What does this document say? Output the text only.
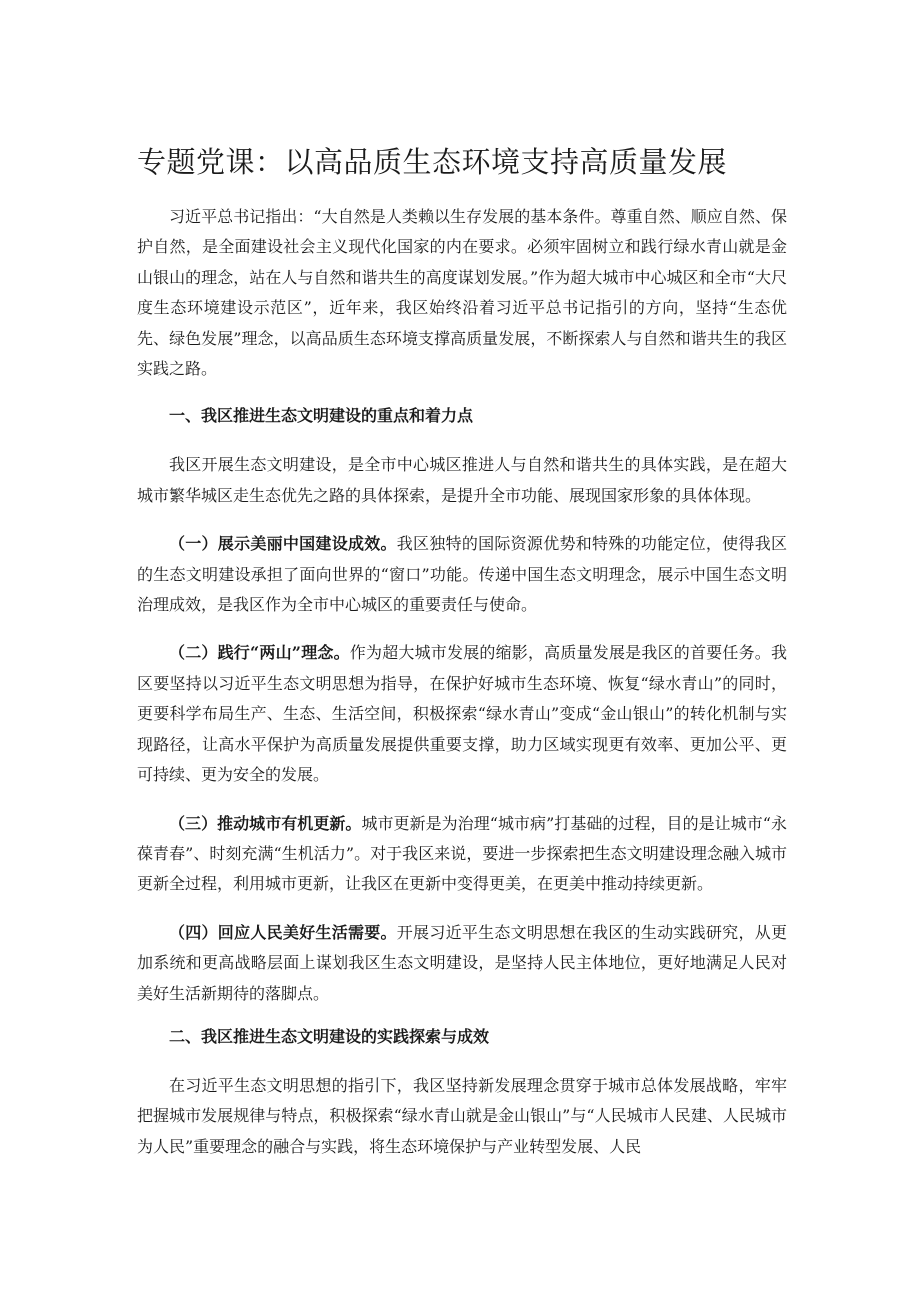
专题党课：以高品质生态环境支持高质量发展

习近平总书记指出：“大自然是人类赖以生存发展的基本条件。尊重自然、顺应自然、保护自然，是全面建设社会主义现代化国家的内在要求。必须牢固树立和践行绿水青山就是金山银山的理念，站在人与自然和谐共生的高度谋划发展。”作为超大城市中心城区和全市“大尺度生态环境建设示范区”，近年来，我区始终沿着习近平总书记指引的方向，坚持“生态优先、绿色发展”理念，以高品质生态环境支撑高质量发展，不断探索人与自然和谐共生的我区实践之路。

一、我区推进生态文明建设的重点和着力点

我区开展生态文明建设，是全市中心城区推进人与自然和谐共生的具体实践，是在超大城市繁华城区走生态优先之路的具体探索，是提升全市功能、展现国家形象的具体体现。

（一）展示美丽中国建设成效。我区独特的国际资源优势和特殊的功能定位，使得我区的生态文明建设承担了面向世界的“窗口”功能。传递中国生态文明理念，展示中国生态文明治理成效，是我区作为全市中心城区的重要责任与使命。

（二）践行“两山”理念。作为超大城市发展的缩影，高质量发展是我区的首要任务。我区要坚持以习近平生态文明思想为指导，在保护好城市生态环境、恢复“绿水青山”的同时，更要科学布局生产、生态、生活空间，积极探索“绿水青山”变成“金山银山”的转化机制与实现路径，让高水平保护为高质量发展提供重要支撑，助力区域实现更有效率、更加公平、更可持续、更为安全的发展。

（三）推动城市有机更新。城市更新是为治理“城市病”打基础的过程，目的是让城市“永葆青春”、时刻充满“生机活力”。对于我区来说，要进一步探索把生态文明建设理念融入城市更新全过程，利用城市更新，让我区在更新中变得更美，在更美中推动持续更新。

（四）回应人民美好生活需要。开展习近平生态文明思想在我区的生动实践研究，从更加系统和更高战略层面上谋划我区生态文明建设，是坚持人民主体地位，更好地满足人民对美好生活新期待的落脚点。

二、我区推进生态文明建设的实践探索与成效

在习近平生态文明思想的指引下，我区坚持新发展理念贯穿于城市总体发展战略，牢牢把握城市发展规律与特点，积极探索“绿水青山就是金山银山”与“人民城市人民建、人民城市为人民”重要理念的融合与实践，将生态环境保护与产业转型发展、人民
